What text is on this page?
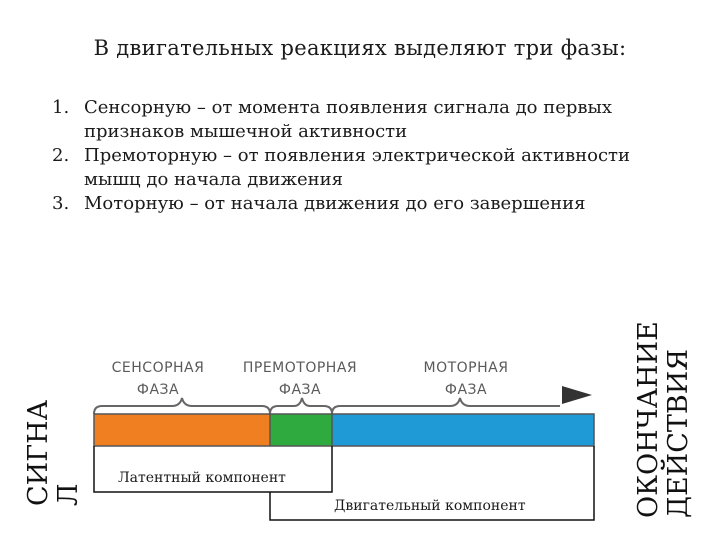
В двигательных реакциях выделяют три фазы:
1. Сенсорную – от момента появления сигнала до первых признаков мышечной активности
2. Премоторную – от появления электрической активности мышц до начала движения
3. Моторную – от начала движения до его завершения
СЕНСОРНАЯ
ФАЗА
ПРЕМОТОРНАЯ
ФАЗА
МОТОРНАЯ
ФАЗА
Латентный компонент
Двигательный компонент
СИГНА
Л	ОКОНЧАНИЕ
ДЕЙСТВИЯ
